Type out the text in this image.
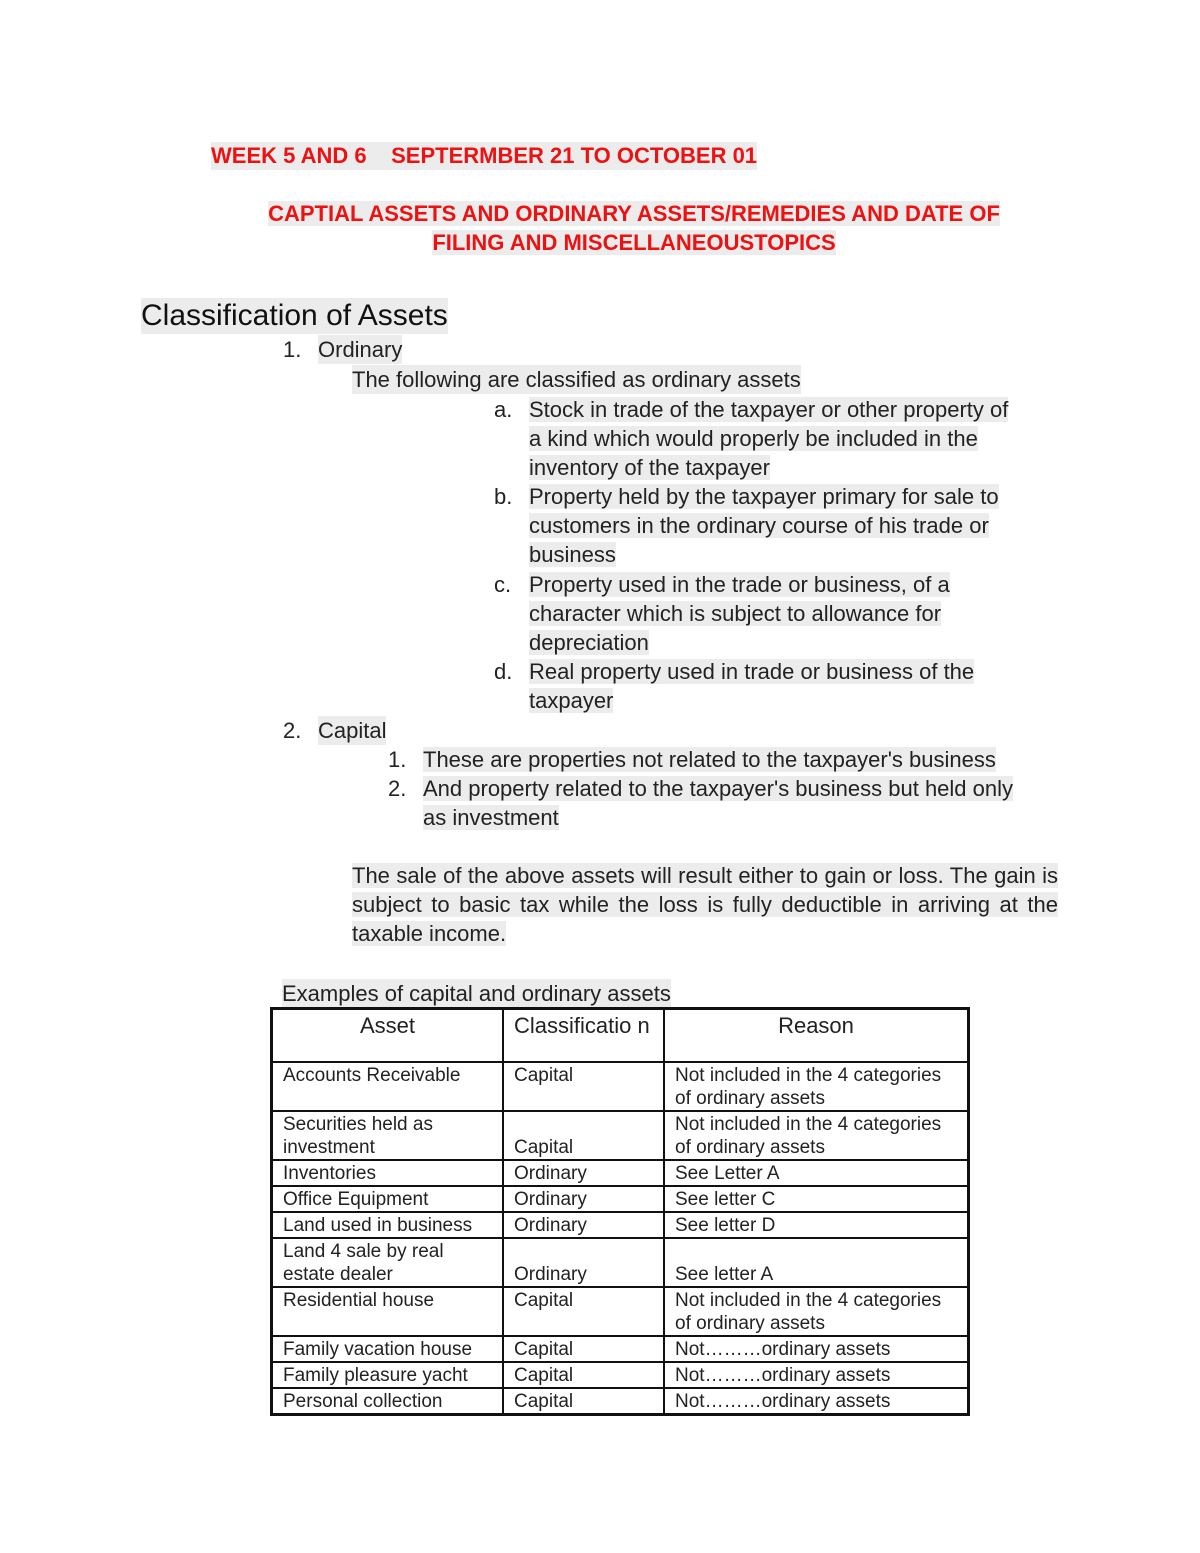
WEEK 5 AND 6    SEPTERMBER 21 TO OCTOBER 01
CAPTIAL ASSETS AND ORDINARY ASSETS/REMEDIES AND DATE OF
FILING AND MISCELLANEOUSTOPICS
Classification of Assets
1. Ordinary
The following are classified as ordinary assets
a. Stock in trade of the taxpayer or other property of
a kind which would properly be included in the
inventory of the taxpayer
b. Property held by the taxpayer primary for sale to
customers in the ordinary course of his trade or
business
c. Property used in the trade or business, of a
character which is subject to allowance for
depreciation
d. Real property used in trade or business of the
taxpayer
2. Capital
1. These are properties not related to the taxpayer's business
2. And property related to the taxpayer's business but held only
as investment
The sale of the above assets will result either to gain or loss. The gain is subject to basic tax while the loss is fully deductible in arriving at the taxable income.
Examples of capital and ordinary assets
Asset	Classificatio n	Reason
Accounts Receivable	Capital	Not included in the 4 categories of ordinary assets
Securities held as investment	Capital	Not included in the 4 categories of ordinary assets
Inventories	Ordinary	See Letter A
Office Equipment	Ordinary	See letter C
Land used in business	Ordinary	See letter D
Land 4 sale by real estate dealer	Ordinary	See letter A
Residential house	Capital	Not included in the 4 categories of ordinary assets
Family vacation house	Capital	Not………ordinary assets
Family pleasure yacht	Capital	Not………ordinary assets
Personal collection	Capital	Not………ordinary assets
